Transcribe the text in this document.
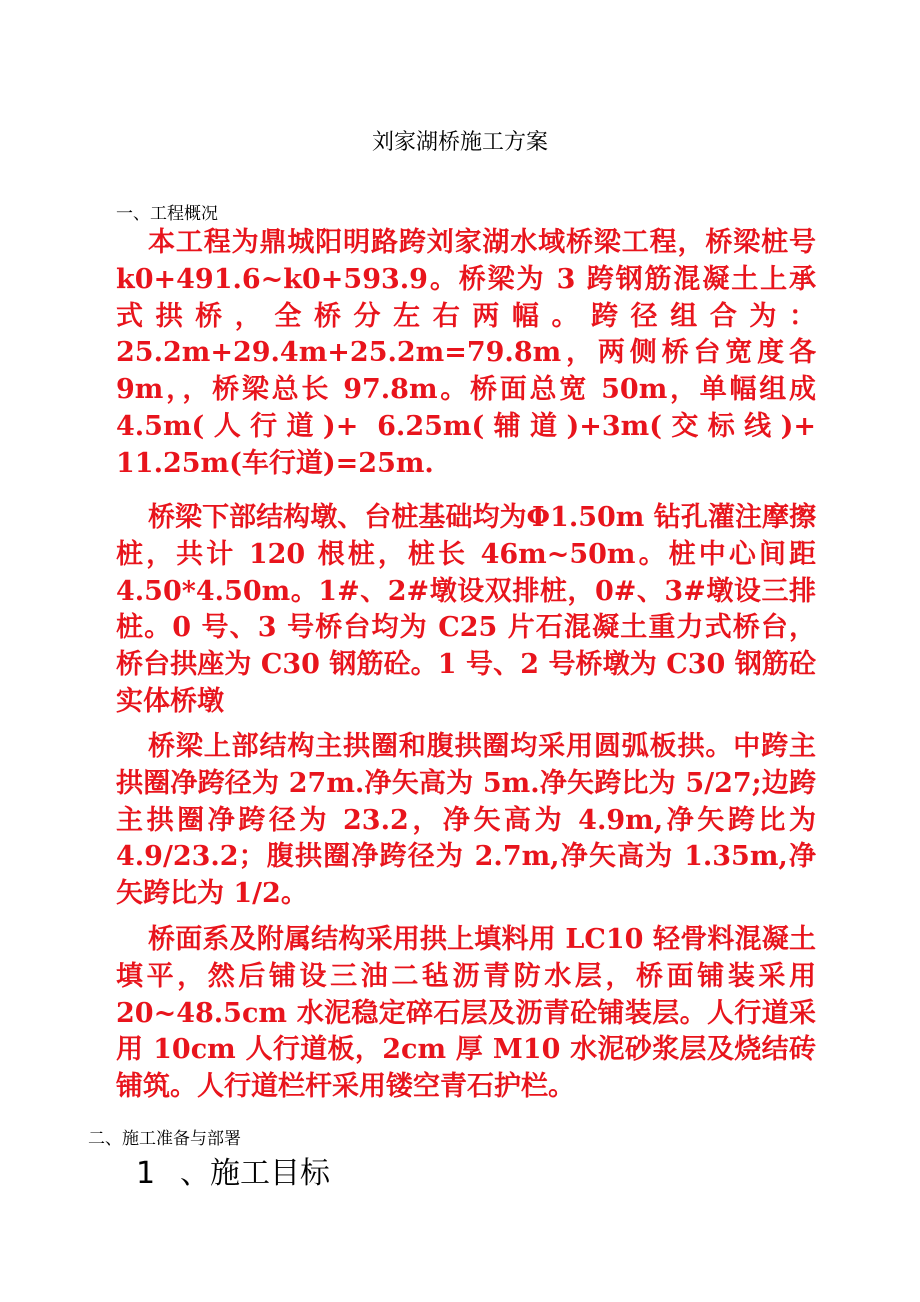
刘家湖桥施工方案
一、工程概况

本工程为鼎城阳明路跨刘家湖水域桥梁工程，桥梁桩号 k0+491.6~k0+593.9。桥梁为 3 跨钢筋混凝土上承式拱桥，全桥分左右两幅。跨径组合为：25.2m+29.4m+25.2m=79.8m，两侧桥台宽度各 9m，，桥梁总长 97.8m。桥面总宽 50m，单幅组成 4.5m(人行道)+ 6.25m(辅道)+3m(交标线)+ 11.25m(车行道)=25m.

桥梁下部结构墩、台桩基础均为Φ1.50m 钻孔灌注摩擦桩，共计 120 根桩，桩长 46m~50m。桩中心间距 4.50*4.50m。1#、2#墩设双排桩，0#、3#墩设三排桩。0 号、3 号桥台均为 C25 片石混凝土重力式桥台，桥台拱座为 C30 钢筋砼。1 号、2 号桥墩为 C30 钢筋砼实体桥墩

桥梁上部结构主拱圈和腹拱圈均采用圆弧板拱。中跨主拱圈净跨径为 27m.净矢高为 5m.净矢跨比为 5/27;边跨主拱圈净跨径为 23.2，净矢高为 4.9m,净矢跨比为 4.9/23.2；腹拱圈净跨径为 2.7m,净矢高为 1.35m,净矢跨比为 1/2。

桥面系及附属结构采用拱上填料用 LC10 轻骨料混凝土填平，然后铺设三油二毡沥青防水层，桥面铺装采用 20~48.5cm 水泥稳定碎石层及沥青砼铺装层。人行道采用 10cm 人行道板，2cm 厚 M10 水泥砂浆层及烧结砖铺筑。人行道栏杆采用镂空青石护栏。

二、施工准备与部署
1 、施工目标
